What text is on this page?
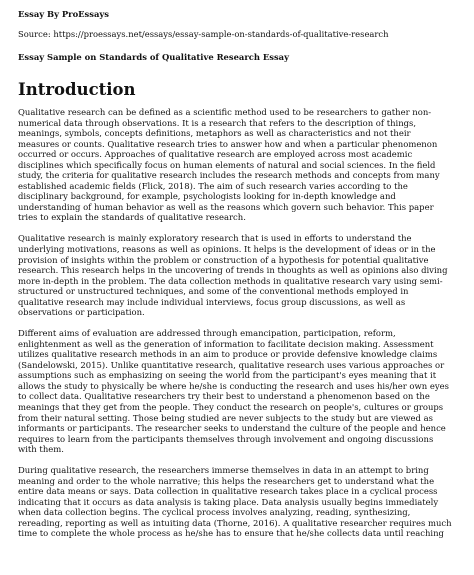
Essay By ProEssays
Source: https://proessays.net/essays/essay-sample-on-standards-of-qualitative-research
Essay Sample on Standards of Qualitative Research Essay
Introduction

Qualitative research can be defined as a scientific method used to be researchers to gather non-
numerical data through observations. It is a research that refers to the description of things,
meanings, symbols, concepts definitions, metaphors as well as characteristics and not their
measures or counts. Qualitative research tries to answer how and when a particular phenomenon
occurred or occurs. Approaches of qualitative research are employed across most academic
disciplines which specifically focus on human elements of natural and social sciences. In the field
study, the criteria for qualitative research includes the research methods and concepts from many
established academic fields (Flick, 2018). The aim of such research varies according to the
disciplinary background, for example, psychologists looking for in-depth knowledge and
understanding of human behavior as well as the reasons which govern such behavior. This paper
tries to explain the standards of qualitative research.

Qualitative research is mainly exploratory research that is used in efforts to understand the
underlying motivations, reasons as well as opinions. It helps is the development of ideas or in the
provision of insights within the problem or construction of a hypothesis for potential qualitative
research. This research helps in the uncovering of trends in thoughts as well as opinions also diving
more in-depth in the problem. The data collection methods in qualitative research vary using semi-
structured or unstructured techniques, and some of the conventional methods employed in
qualitative research may include individual interviews, focus group discussions, as well as
observations or participation.

Different aims of evaluation are addressed through emancipation, participation, reform,
enlightenment as well as the generation of information to facilitate decision making. Assessment
utilizes qualitative research methods in an aim to produce or provide defensive knowledge claims
(Sandelowski, 2015). Unlike quantitative research, qualitative research uses various approaches or
assumptions such as emphasizing on seeing the world from the participant's eyes meaning that it
allows the study to physically be where he/she is conducting the research and uses his/her own eyes
to collect data. Qualitative researchers try their best to understand a phenomenon based on the
meanings that they get from the people. They conduct the research on people's, cultures or groups
from their natural setting. Those being studied are never subjects to the study but are viewed as
informants or participants. The researcher seeks to understand the culture of the people and hence
requires to learn from the participants themselves through involvement and ongoing discussions
with them.

During qualitative research, the researchers immerse themselves in data in an attempt to bring
meaning and order to the whole narrative; this helps the researchers get to understand what the
entire data means or says. Data collection in qualitative research takes place in a cyclical process
indicating that it occurs as data analysis is taking place. Data analysis usually begins immediately
when data collection begins. The cyclical process involves analyzing, reading, synthesizing,
rereading, reporting as well as intuiting data (Thorne, 2016). A qualitative researcher requires much
time to complete the whole process as he/she has to ensure that he/she collects data until reaching
